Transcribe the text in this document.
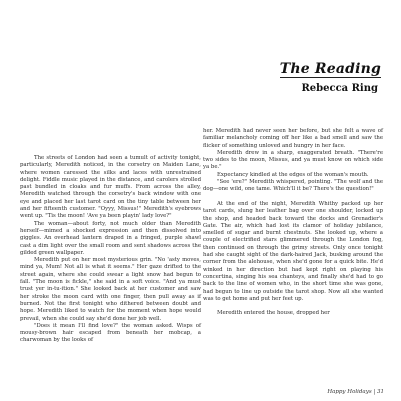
The Reading
Rebecca Ring

The streets of London had seen a tumult of activity tonight, particularly, Meredith noticed, in the corsetry on Maiden Lane, where women caressed the silks and laces with unrestrained delight. Fiddle music played in the distance, and carolers strolled past bundled in cloaks and fur muffs. From across the alley, Meredith watched through the corsetry's back window with one eye and placed her last tarot card on the tiny table between her and her fifteenth customer. "Oyyy, Missus!" Meredith's eyebrows went up. "Tis the moon! 'Ave ya been playin' lady love?"

The woman—about forty, not much older than Meredith herself—mimed a shocked expression and then dissolved into giggles. An overhead lantern draped in a fringed, purple shawl cast a dim light over the small room and sent shadows across the gilded green wallpaper.

Meredith put on her most mysterious grin. "No 'asty moves, mind ya, Mum! Not all is what it seems." Her gaze drifted to the street again, where she could swear a light snow had begun to fall. "The moon is fickle," she said in a soft voice. "And ya must trust yer in-tu-ition." She looked back at her customer and saw her stroke the moon card with one finger, then pull away as if burned. Not the first tonight who dithered between doubt and hope. Meredith liked to watch for the moment when hope would prevail, when she could say she'd done her job well.

"Does it mean I'll find love?" the woman asked. Wisps of mousy-brown hair escaped from beneath her mobcap, a charwoman by the looks of

her. Meredith had never seen her before, but she felt a wave of familiar melancholy coming off her like a bad smell and saw the flicker of something unloved and hungry in her face.

Meredith drew in a sharp, exaggerated breath. "There're two sides to the moon, Missus, and ya must know on which side ya be."

Expectancy kindled at the edges of the woman's mouth.

"See 'ere?" Meredith whispered, pointing. "The wolf and the dog—one wild, one tame. Which'll it be? There's the question!"

At the end of the night, Meredith Whithy packed up her tarot cards, slung her leather bag over one shoulder, locked up the shop, and headed back toward the docks and Grenadier's Gate. The air, which had lost its clamor of holiday jubilance, smelled of sugar and burnt chestnuts. She looked up, where a couple of electrified stars glimmered through the London fog, then continued on through the grimy streets. Only once tonight had she caught sight of the dark-haired Jack, busking around the corner from the alehouse, when she'd gone for a quick bite. He'd winked in her direction but had kept right on playing his concertina, singing his sea chanteys, and finally she'd had to go back to the line of women who, in the short time she was gone, had begun to line up outside the tarot shop. Now all she wanted was to get home and put her feet up.

Meredith entered the house, dropped her

Happy Holidays | 31
